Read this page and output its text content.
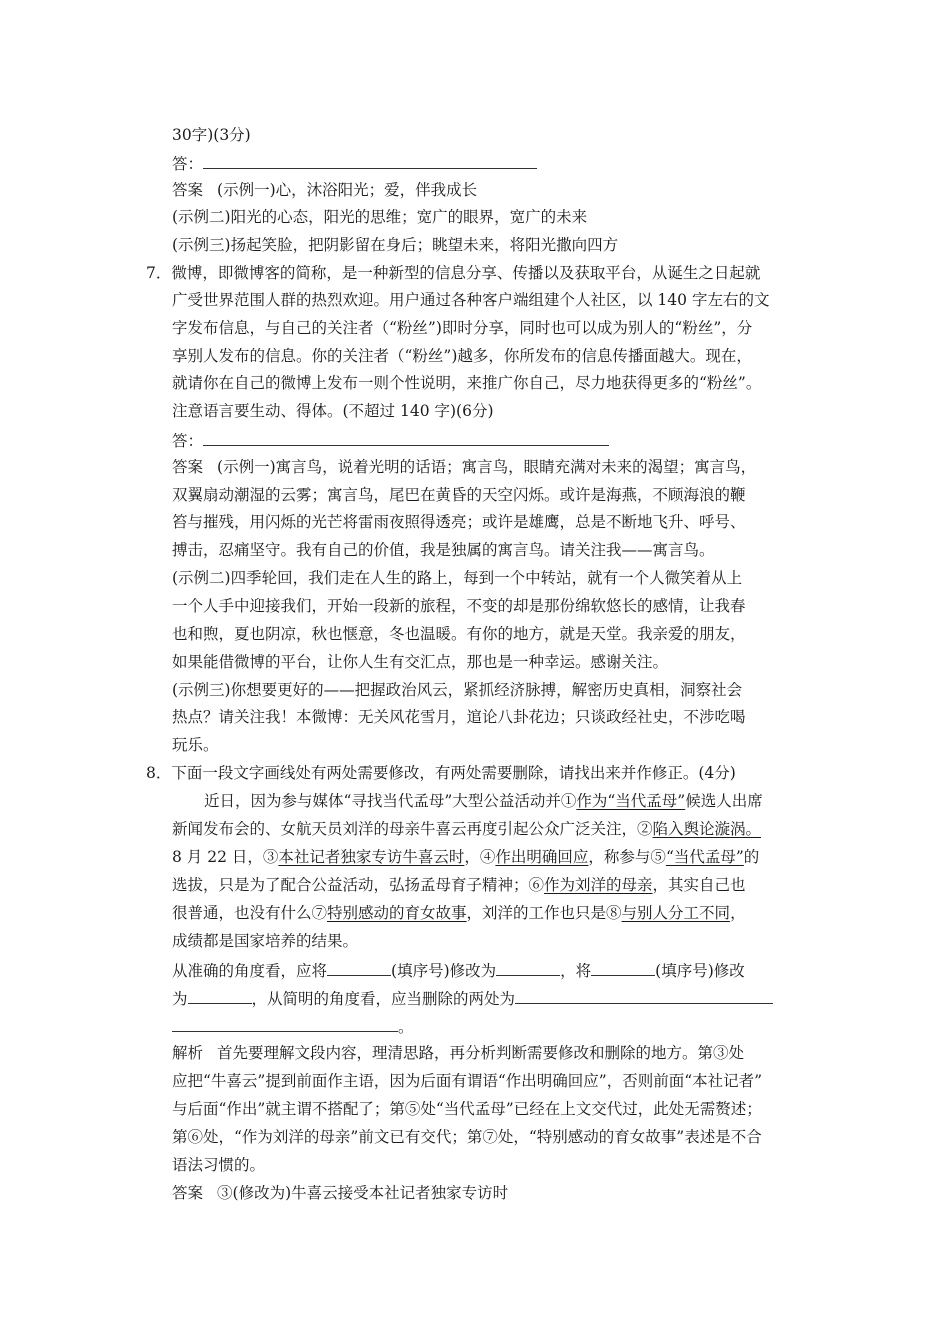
30字)(3分)
答：
答案 (示例一)心，沐浴阳光；爱，伴我成长
(示例二)阳光的心态，阳光的思维；宽广的眼界，宽广的未来
(示例三)扬起笑脸，把阴影留在身后；眺望未来，将阳光撒向四方
7．微博，即微博客的简称，是一种新型的信息分享、传播以及获取平台，从诞生之日起就
广受世界范围人群的热烈欢迎。用户通过各种客户端组建个人社区，以 140 字左右的文
字发布信息，与自己的关注者（“粉丝”)即时分享，同时也可以成为别人的“粉丝”，分
享别人发布的信息。你的关注者（“粉丝”)越多，你所发布的信息传播面越大。现在，
就请你在自己的微博上发布一则个性说明，来推广你自己，尽力地获得更多的“粉丝”。
注意语言要生动、得体。(不超过 140 字)(6分)
答：
答案 (示例一)寓言鸟，说着光明的话语；寓言鸟，眼睛充满对未来的渴望；寓言鸟，
双翼扇动潮湿的云雾；寓言鸟，尾巴在黄昏的天空闪烁。或许是海燕，不顾海浪的鞭
笞与摧残，用闪烁的光芒将雷雨夜照得透亮；或许是雄鹰，总是不断地飞升、呼号、
搏击，忍痛坚守。我有自己的价值，我是独属的寓言鸟。请关注我——寓言鸟。
(示例二)四季轮回，我们走在人生的路上，每到一个中转站，就有一个人微笑着从上
一个人手中迎接我们，开始一段新的旅程，不变的却是那份绵软悠长的感情，让我春
也和煦，夏也阴凉，秋也惬意，冬也温暖。有你的地方，就是天堂。我亲爱的朋友，
如果能借微博的平台，让你人生有交汇点，那也是一种幸运。感谢关注。
(示例三)你想要更好的——把握政治风云，紧抓经济脉搏，解密历史真相，洞察社会
热点？请关注我！本微博：无关风花雪月，逭论八卦花边；只谈政经社史，不涉吃喝
玩乐。
8．下面一段文字画线处有两处需要修改，有两处需要删除，请找出来并作修正。(4分)
近日，因为参与媒体“寻找当代孟母”大型公益活动并①作为“当代孟母”候选人出席
新闻发布会的、女航天员刘洋的母亲牛喜云再度引起公众广泛关注，②陷入舆论漩涡。
8 月 22 日，③本社记者独家专访牛喜云时，④作出明确回应，称参与⑤“当代孟母”的
选拔，只是为了配合公益活动，弘扬孟母育子精神；⑥作为刘洋的母亲，其实自己也
很普通，也没有什么⑦特别感动的育女故事，刘洋的工作也只是⑧与别人分工不同，
成绩都是国家培养的结果。
从准确的角度看，应将	(填序号)修改为	，将	(填序号)修改
为	，从简明的角度看，应当删除的两处为
。
解析 首先要理解文段内容，理清思路，再分析判断需要修改和删除的地方。第③处
应把“牛喜云”提到前面作主语，因为后面有谓语“作出明确回应”，否则前面“本社记者”
与后面“作出”就主谓不搭配了；第⑤处“当代孟母”已经在上文交代过，此处无需赘述；
第⑥处，“作为刘洋的母亲”前文已有交代；第⑦处，“特别感动的育女故事”表述是不合
语法习惯的。
答案 ③(修改为)牛喜云接受本社记者独家专访时
